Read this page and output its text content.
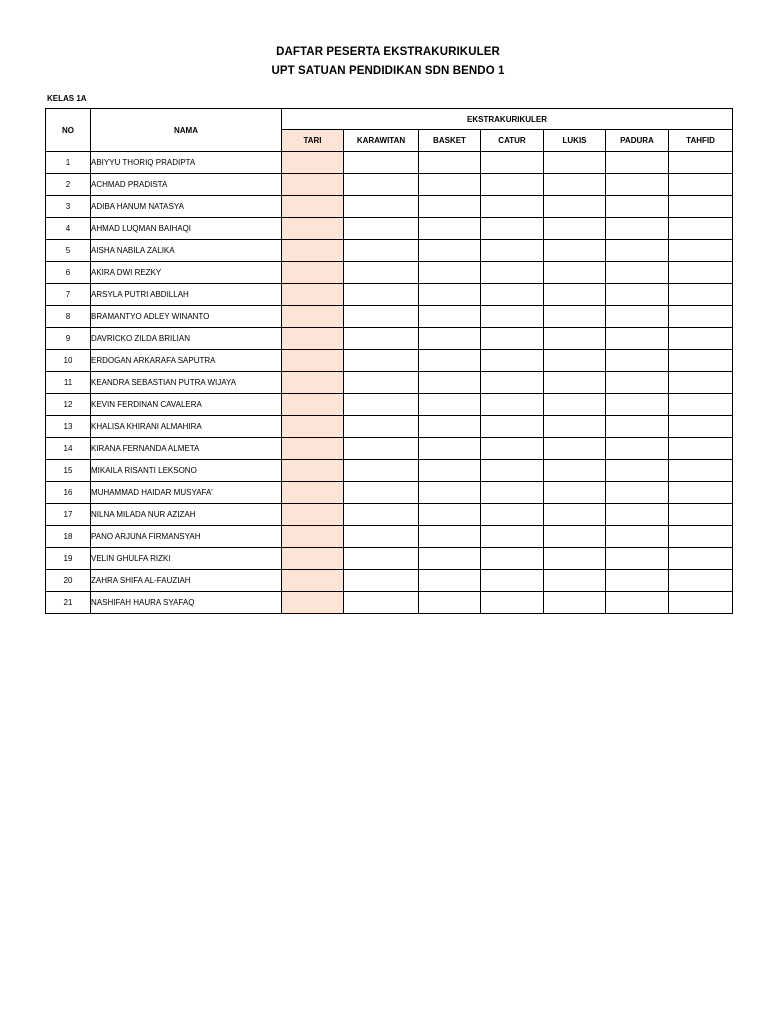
DAFTAR PESERTA EKSTRAKURIKULER
UPT SATUAN PENDIDIKAN SDN BENDO 1
KELAS 1A
NO	NAMA	EKSTRAKURIKULER						
		TARI	KARAWITAN	BASKET	CATUR	LUKIS	PADURA	TAHFID
1	ABIYYU THORIQ PRADIPTA							
2	ACHMAD PRADISTA							
3	ADIBA HANUM NATASYA							
4	AHMAD LUQMAN BAIHAQI							
5	AISHA NABILA ZALIKA							
6	AKIRA DWI REZKY							
7	ARSYLA PUTRI ABDILLAH							
8	BRAMANTYO ADLEY WINANTO							
9	DAVRICKO ZILDA BRILIAN							
10	ERDOGAN ARKARAFA SAPUTRA							
11	KEANDRA SEBASTIAN PUTRA WIJAYA							
12	KEVIN FERDINAN CAVALERA							
13	KHALISA KHIRANI ALMAHIRA							
14	KIRANA FERNANDA ALMETA							
15	MIKAILA RISANTI LEKSONO							
16	MUHAMMAD HAIDAR MUSYAFA'							
17	NILNA MILADA NUR AZIZAH							
18	PANO ARJUNA FIRMANSYAH							
19	VELIN GHULFA RIZKI							
20	ZAHRA SHIFA AL-FAUZIAH							
21	NASHIFAH HAURA SYAFAQ							
